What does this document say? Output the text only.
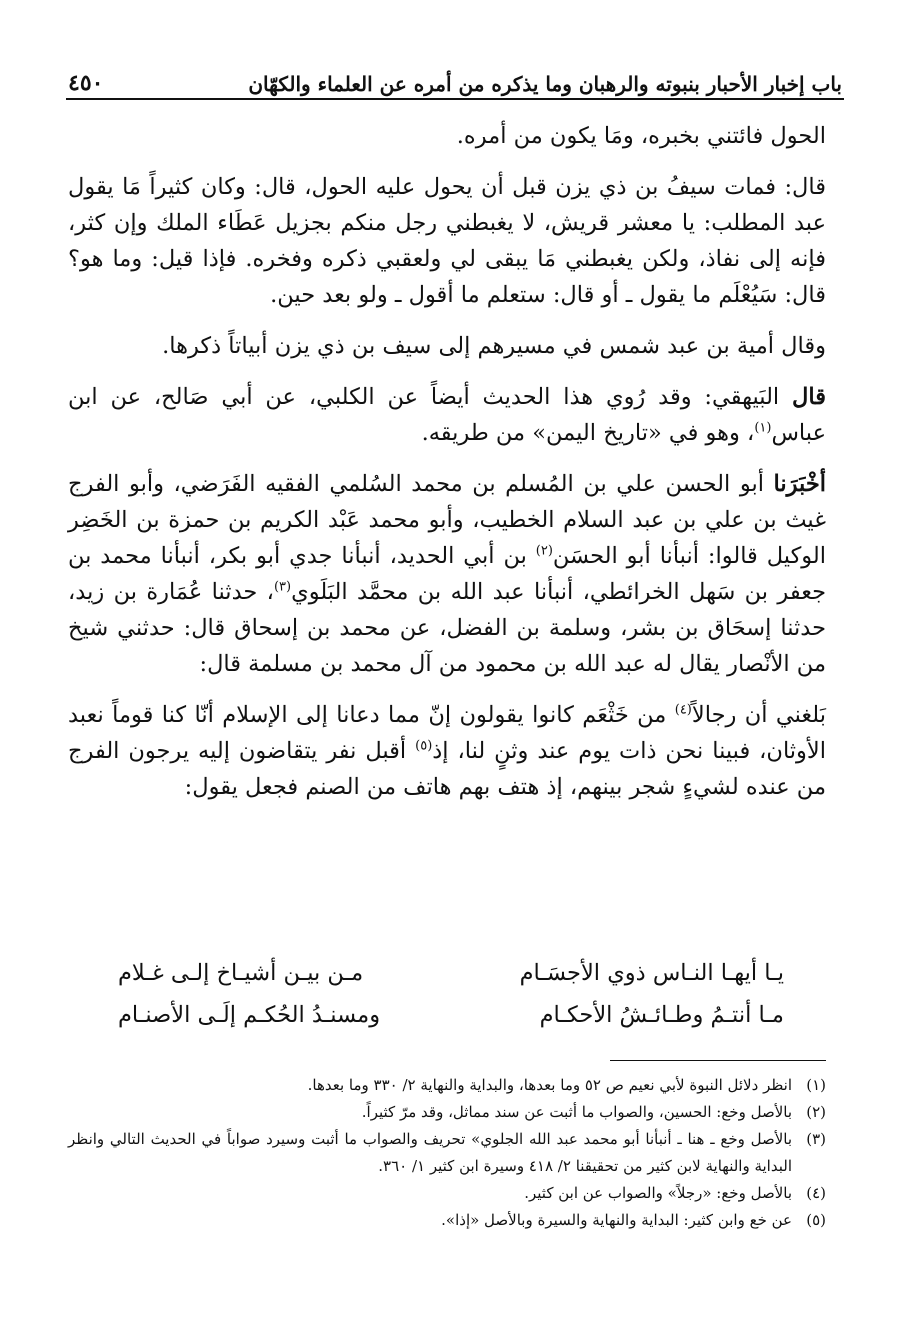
باب إخبار الأحبار بنبوته والرهبان وما يذكره من أمره عن العلماء والكهّان
٤٥٠

الحول فائتني بخبره، ومَا يكون من أمره.

قال: فمات سيفُ بن ذي يزن قبل أن يحول عليه الحول، قال: وكان كثيراً مَا يقول عبد المطلب: يا معشر قريش، لا يغبطني رجل منكم بجزيل عَطَاء الملك وإن كثر، فإنه إلى نفاذ، ولكن يغبطني مَا يبقى لي ولعقبي ذكره وفخره. فإذا قيل: وما هو؟ قال: سَيُعْلَم ما يقول ـ أو قال: ستعلم ما أقول ـ ولو بعد حين.

وقال أمية بن عبد شمس في مسيرهم إلى سيف بن ذي يزن أبياتاً ذكرها.

قال البَيهقي: وقد رُوي هذا الحديث أيضاً عن الكلبي، عن أبي صَالح، عن ابن عباس$^{(١)}$، وهو في «تاريخ اليمن» من طريقه.

أخْبَرَنا أبو الحسن علي بن المُسلم بن محمد السُلمي الفقيه الفَرَضي، وأبو الفرج غيث بن علي بن عبد السلام الخطيب، وأبو محمد عَبْد الكريم بن حمزة بن الخَضِر الوكيل قالوا: أنبأنا أبو الحسَن$^{(٢)}$ بن أبي الحديد، أنبأنا جدي أبو بكر، أنبأنا محمد بن جعفر بن سَهل الخرائطي، أنبأنا عبد الله بن محمَّد البَلَوي$^{(٣)}$، حدثنا عُمَارة بن زيد، حدثنا إسحَاق بن بشر، وسلمة بن الفضل، عن محمد بن إسحاق قال: حدثني شيخ من الأنْصار يقال له عبد الله بن محمود من آل محمد بن مسلمة قال:

بَلغني أن رجالاً$^{(٤)}$ من خَثْعَم كانوا يقولون إنّ مما دعانا إلى الإسلام أنّا كنا قوماً نعبد الأوثان، فبينا نحن ذات يوم عند وثنٍ لنا، إذ$^{(٥)}$ أقبل نفر يتقاضون إليه يرجون الفرج من عنده لشيءٍ شجر بينهم، إذ هتف بهم هاتف من الصنم فجعل يقول:

يـا أيهـا النـاس ذوي الأجسَـام
مـن بيـن أشيـاخ إلـى غـلام
مـا أنتـمُ وطـائـشُ الأحكـام
ومسنـدُ الحُكـم إلَـى الأصنـام
(١)
انظر دلائل النبوة لأبي نعيم ص ٥٢ وما بعدها، والبداية والنهاية ٢/ ٣٣٠ وما بعدها.
(٢)
بالأصل وخع: الحسين، والصواب ما أثبت عن سند مماثل، وقد مرّ كثيراً.
(٣)
بالأصل وخع ـ هنا ـ أنبأنا أبو محمد عبد الله الجلوي» تحريف والصواب ما أثبت وسيرد صواباً في الحديث التالي وانظر البداية والنهاية لابن كثير من تحقيقنا ٢/ ٤١٨ وسيرة ابن كثير ١/ ٣٦٠.
(٤)
بالأصل وخع: «رجلاً» والصواب عن ابن كثير.
(٥)
عن خع وابن كثير: البداية والنهاية والسيرة وبالأصل «إذا».
